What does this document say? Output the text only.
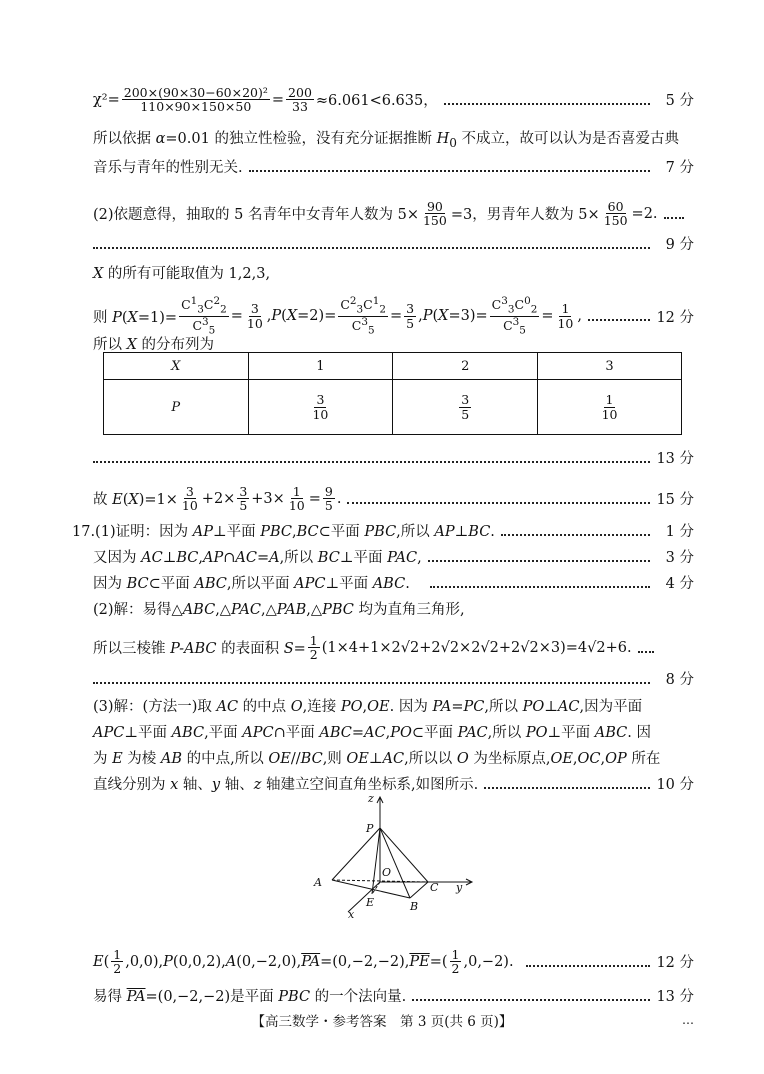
$\chi^2= \frac{\text{200×(90×30−60×20)²}}{110\times 90\times 150\times 50} = \frac{200}{33} \approx 6.061<6.635$，	5 分
所以依据 α=0.01 的独立性检验，没有充分证据推断 $H_0$ 不成立，故可以认为是否喜爱古典
音乐与青年的性别无关.	7 分
(2)依题意得，抽取的 5 名青年中女青年人数为 $5\times \frac{90}{150} =3$，男青年人数为 $5\times \frac{60}{150} =2$.
9 分
X 的所有可能取值为 1,2,3,
则 $P(X=1)= \frac{C^1_3C^2_2}{C^3_5} = \frac{3}{10} ,P(X=2)= \frac{C^2_3C^1_2}{C^3_5} = \frac{3}{5} ,P(X=3)= \frac{C^3_3C^0_2}{C^3_5} = \frac{1}{10}$ ,	12 分
所以 X 的分布列为
X	1	2	3
P	$\frac{3}{10}$	$\frac{3}{5}$	$\frac{1}{10}$
13 分
故 $E(X)=1\times \frac{3}{10} +2\times \frac{3}{5} +3\times \frac{1}{10} = \frac{9}{5}$ .	15 分
17.(1)证明：因为 AP⊥平面 PBC,BC⊂平面 PBC,所以 AP⊥BC.	1 分
又因为 AC⊥BC,AP∩AC=A,所以 BC⊥平面 PAC,	3 分
因为 BC⊂平面 ABC,所以平面 APC⊥平面 ABC.	4 分
(2)解：易得△ABC,△PAC,△PAB,△PBC 均为直角三角形,
所以三棱锥 P-ABC 的表面积 $S= \frac{1}{2} (1\times 4+1\times 2√2+2√2\times 2√2+2√2\times 3)=4√2+6$.
8 分
(3)解：(方法一)取 AC 的中点 O,连接 PO,OE. 因为 PA=PC,所以 PO⊥AC,因为平面
APC⊥平面 ABC,平面 APC∩平面 ABC=AC,PO⊂平面 PAC,所以 PO⊥平面 ABC. 因
为 E 为棱 AB 的中点,所以 OE//BC,则 OE⊥AC,所以以 O 为坐标原点,OE,OC,OP 所在
直线分别为 x 轴、y 轴、z 轴建立空间直角坐标系,如图所示.	10 分
z
P
O
A	C y
E	B
x
$E( \frac{1}{2} ,0,0),P(0,0,2),A(0,-2,0),\overline{PA}=(0,-2,-2),\overline{PE}=( \frac{1}{2} ,0,-2)$.	12 分
易得 $\overline{PA}=(0,-2,-2)$是平面 PBC 的一个法向量.	13 分
【高三数学・参考答案　第 3 页(共 6 页)】	…
